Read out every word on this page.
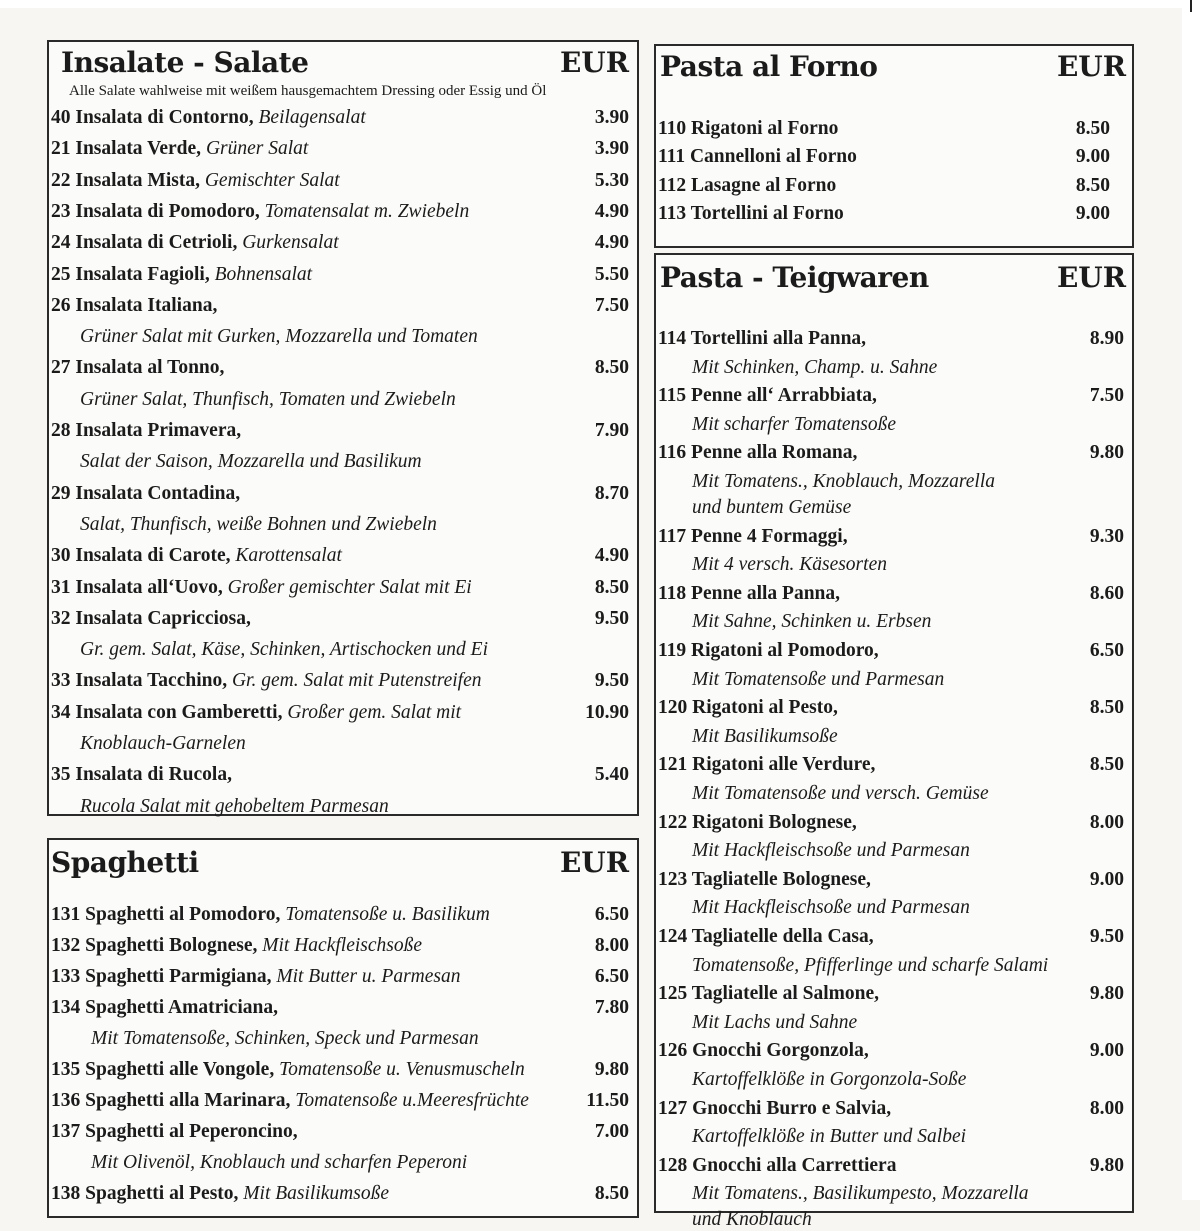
Insalate - Salate	EUR
Alle Salate wahlweise mit weißem hausgemachtem Dressing oder Essig und Öl
40 Insalata di Contorno, Beilagensalat	3.90
21 Insalata Verde, Grüner Salat	3.90
22 Insalata Mista, Gemischter Salat	5.30
23 Insalata di Pomodoro, Tomatensalat m. Zwiebeln	4.90
24 Insalata di Cetrioli, Gurkensalat	4.90
25 Insalata Fagioli, Bohnensalat	5.50
26 Insalata Italiana,	7.50
Grüner Salat mit Gurken, Mozzarella und Tomaten
27 Insalata al Tonno,	8.50
Grüner Salat, Thunfisch, Tomaten und Zwiebeln
28 Insalata Primavera,	7.90
Salat der Saison, Mozzarella und Basilikum
29 Insalata Contadina,	8.70
Salat, Thunfisch, weiße Bohnen und Zwiebeln
30 Insalata di Carote, Karottensalat	4.90
31 Insalata all‘Uovo, Großer gemischter Salat mit Ei	8.50
32 Insalata Capricciosa,	9.50
Gr. gem. Salat, Käse, Schinken, Artischocken und Ei
33 Insalata Tacchino, Gr. gem. Salat mit Putenstreifen	9.50
34 Insalata con Gamberetti, Großer gem. Salat mit	10.90
Knoblauch-Garnelen
35 Insalata di Rucola,	5.40
Rucola Salat mit gehobeltem Parmesan
Pasta al Forno	EUR
110 Rigatoni al Forno	8.50
111 Cannelloni al Forno	9.00
112 Lasagne al Forno	8.50
113 Tortellini al Forno	9.00
Pasta - Teigwaren	EUR
114 Tortellini alla Panna,	8.90
Mit Schinken, Champ. u. Sahne
115 Penne all‘ Arrabbiata,	7.50
Mit scharfer Tomatensoße
116 Penne alla Romana,	9.80
Mit Tomatens., Knoblauch, Mozzarella
und buntem Gemüse
117 Penne 4 Formaggi,	9.30
Mit 4 versch. Käsesorten
118 Penne alla Panna,	8.60
Mit Sahne, Schinken u. Erbsen
119 Rigatoni al Pomodoro,	6.50
Mit Tomatensoße und Parmesan
120 Rigatoni al Pesto,	8.50
Mit Basilikumsoße
121 Rigatoni alle Verdure,	8.50
Mit Tomatensoße und versch. Gemüse
122 Rigatoni Bolognese,	8.00
Mit Hackfleischsoße und Parmesan
123 Tagliatelle Bolognese,	9.00
Mit Hackfleischsoße und Parmesan
124 Tagliatelle della Casa,	9.50
Tomatensoße, Pfifferlinge und scharfe Salami
125 Tagliatelle al Salmone,	9.80
Mit Lachs und Sahne
126 Gnocchi Gorgonzola,	9.00
Kartoffelklöße in Gorgonzola-Soße
127 Gnocchi Burro e Salvia,	8.00
Kartoffelklöße in Butter und Salbei
128 Gnocchi alla Carrettiera	9.80
Mit Tomatens., Basilikumpesto, Mozzarella
und Knoblauch
Spaghetti	EUR
131 Spaghetti al Pomodoro, Tomatensoße u. Basilikum	6.50
132 Spaghetti Bolognese, Mit Hackfleischsoße	8.00
133 Spaghetti Parmigiana, Mit Butter u. Parmesan	6.50
134 Spaghetti Amatriciana,	7.80
Mit Tomatensoße, Schinken, Speck und Parmesan
135 Spaghetti alle Vongole, Tomatensoße u. Venusmuscheln	9.80
136 Spaghetti alla Marinara, Tomatensoße u.Meeresfrüchte	11.50
137 Spaghetti al Peperoncino,	7.00
Mit Olivenöl, Knoblauch und scharfen Peperoni
138 Spaghetti al Pesto, Mit Basilikumsoße	8.50
